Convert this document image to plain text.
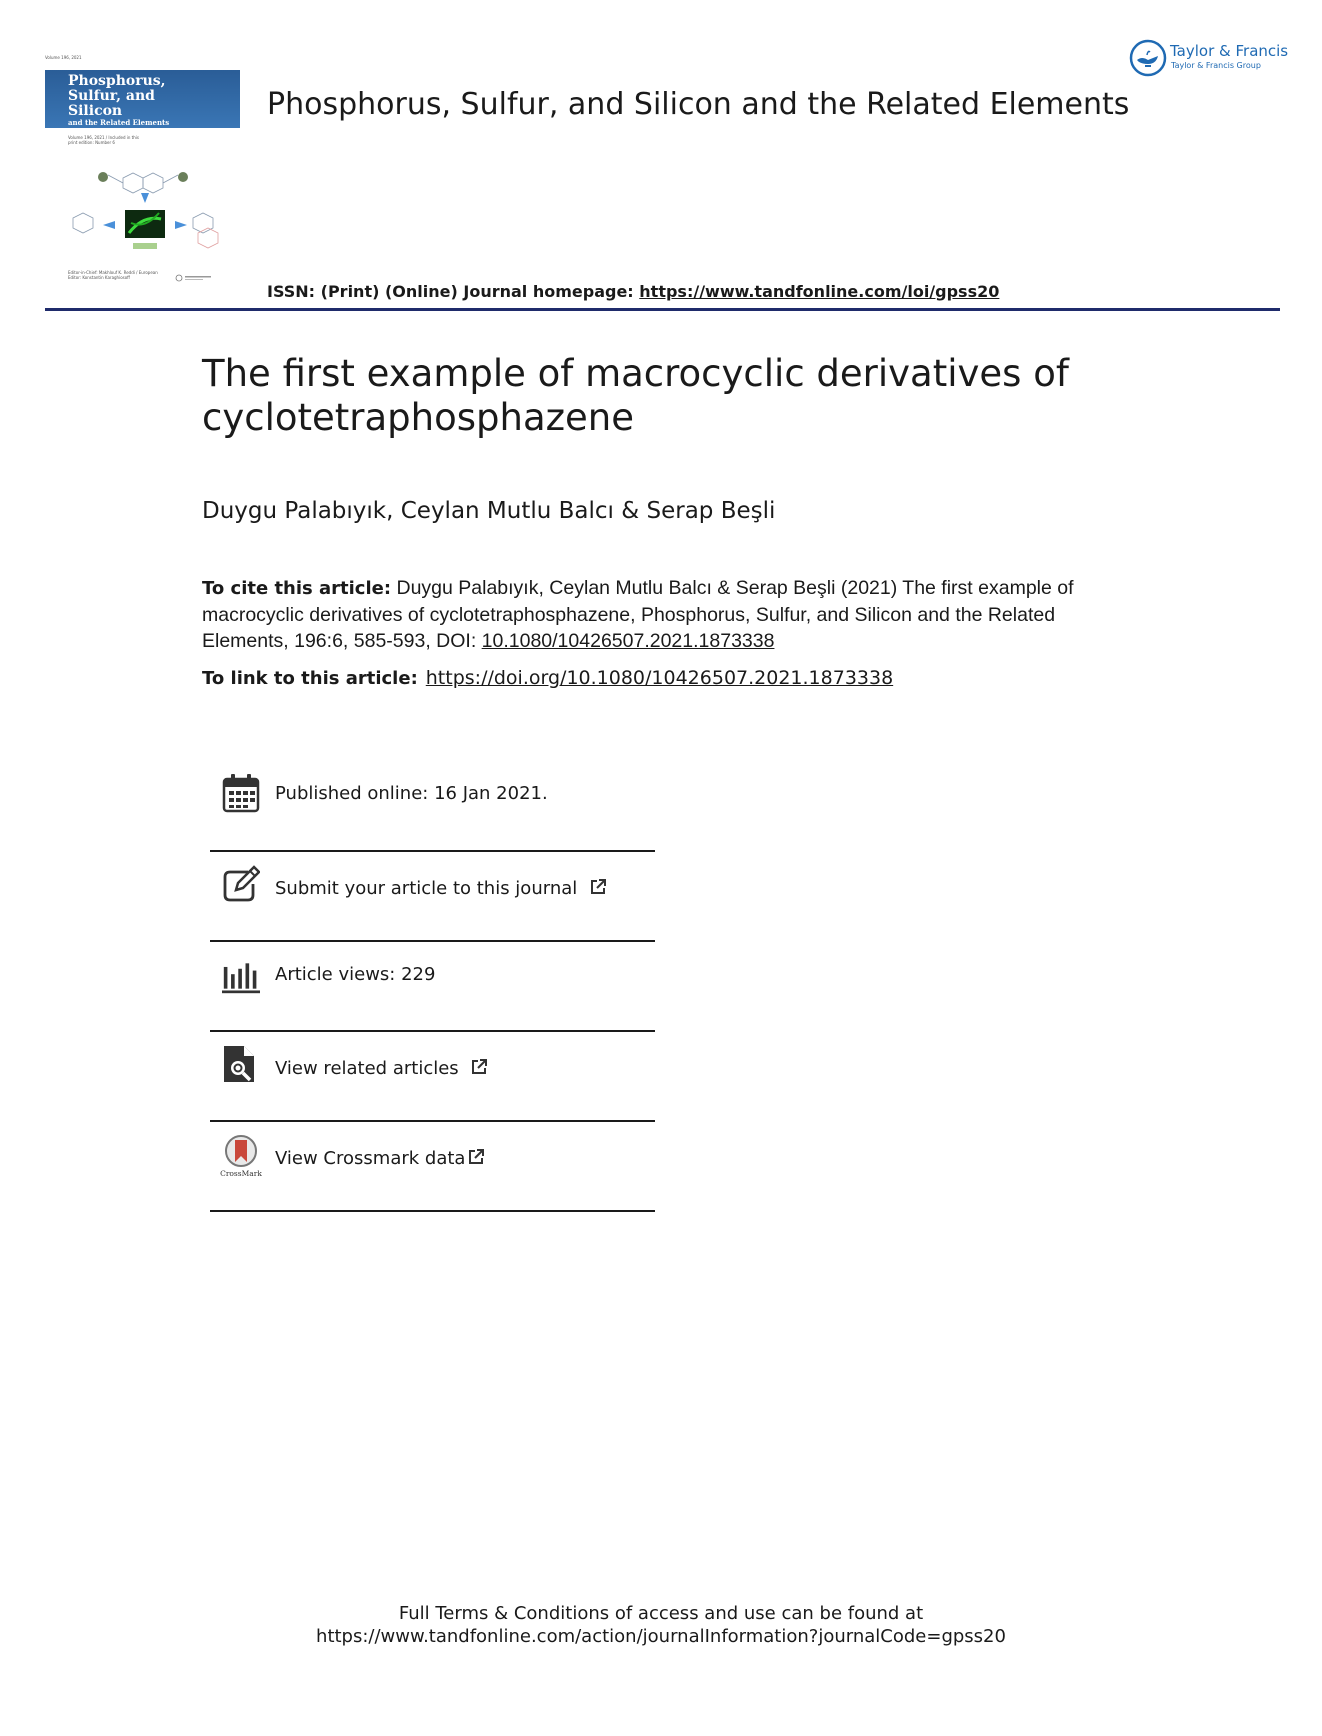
Volume 196, 2021
Phosphorus,
Sulfur, and
Silicon
and the Related Elements
Volume 196, 2021 / Included in this print edition: Number 6
Editor-in-Chief: Makhlouf K. Reddi / European Editor: Konstantin Karaghiosoff
Taylor & Francis
Taylor & Francis Group
Phosphorus, Sulfur, and Silicon and the Related Elements
ISSN: (Print) (Online) Journal homepage: https://www.tandfonline.com/loi/gpss20
The first example of macrocyclic derivatives of cyclotetraphosphazene
Duygu Palabıyık, Ceylan Mutlu Balcı & Serap Beşli
To cite this article: Duygu Palabıyık, Ceylan Mutlu Balcı & Serap Beşli (2021) The first example of macrocyclic derivatives of cyclotetraphosphazene, Phosphorus, Sulfur, and Silicon and the Related Elements, 196:6, 585-593, DOI: 10.1080/10426507.2021.1873338
To link to this article: https://doi.org/10.1080/10426507.2021.1873338
Published online: 16 Jan 2021.
Submit your article to this journal
Article views: 229
View related articles
CrossMark
View Crossmark data
Full Terms & Conditions of access and use can be found at
https://www.tandfonline.com/action/journalInformation?journalCode=gpss20
